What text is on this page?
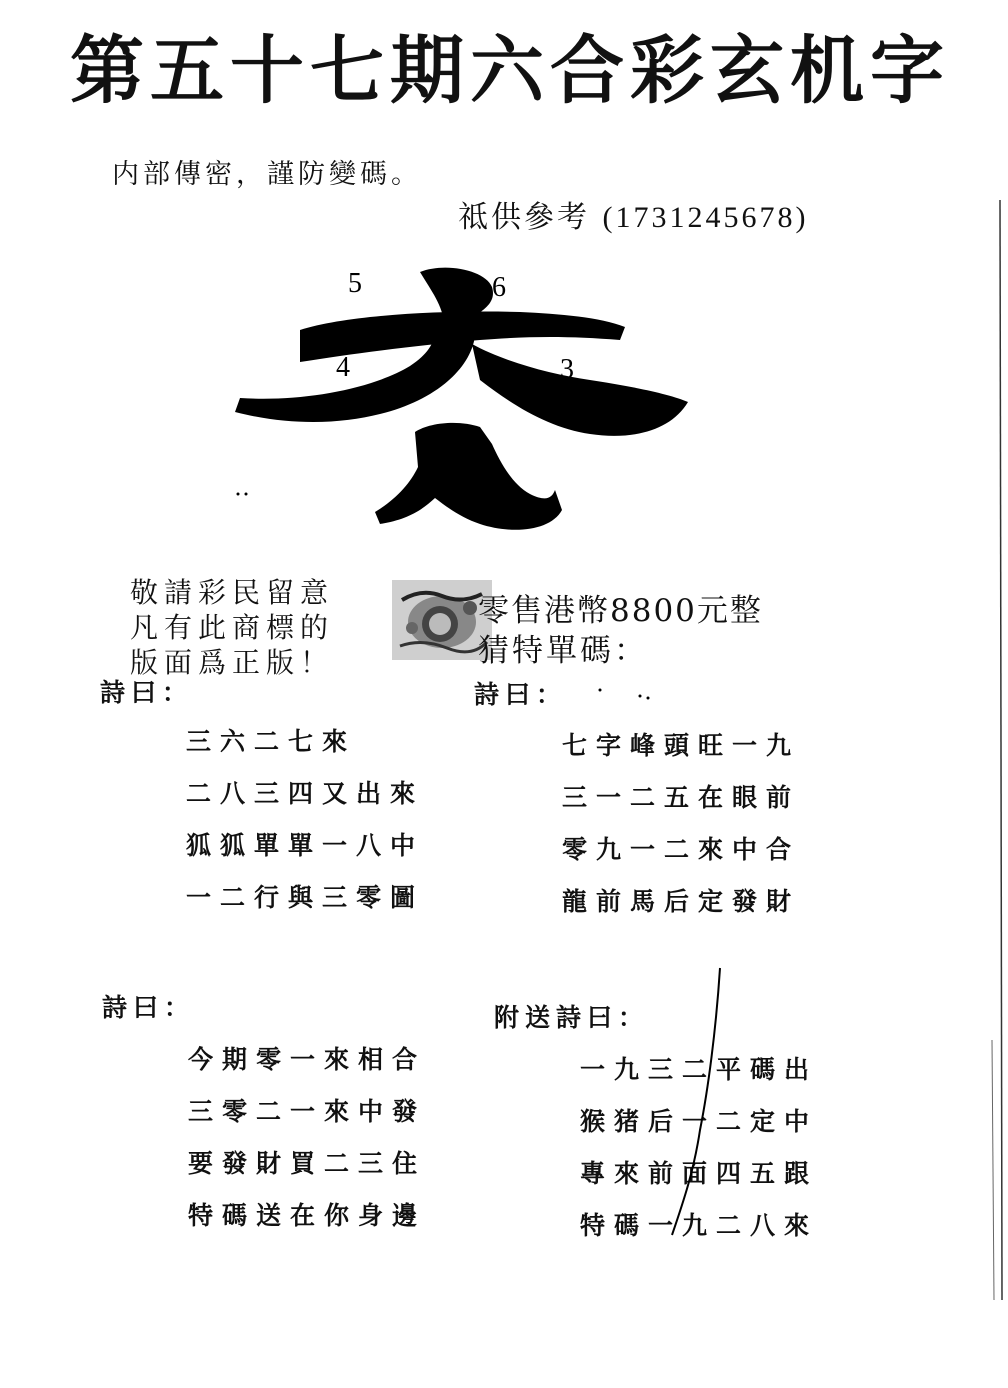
第五十七期六合彩玄机字
内部傳密，謹防變碼。
祗供參考 (1731245678)
5	6
4	3
敬請彩民留意
凡有此商標的
版面爲正版！
零售港幣8800元整
猜特單碼：
詩曰：
三六二七來
二八三四又出來
狐狐單單一八中
一二行與三零圖
詩曰：
七字峰頭旺一九
三一二五在眼前
零九一二來中合
龍前馬后定發財
詩曰：
今期零一來相合
三零二一來中發
要發財買二三住
特碼送在你身邊
附送詩曰：
一九三二平碼出
猴猪后一二定中
專來前面四五跟
特碼一九二八來
